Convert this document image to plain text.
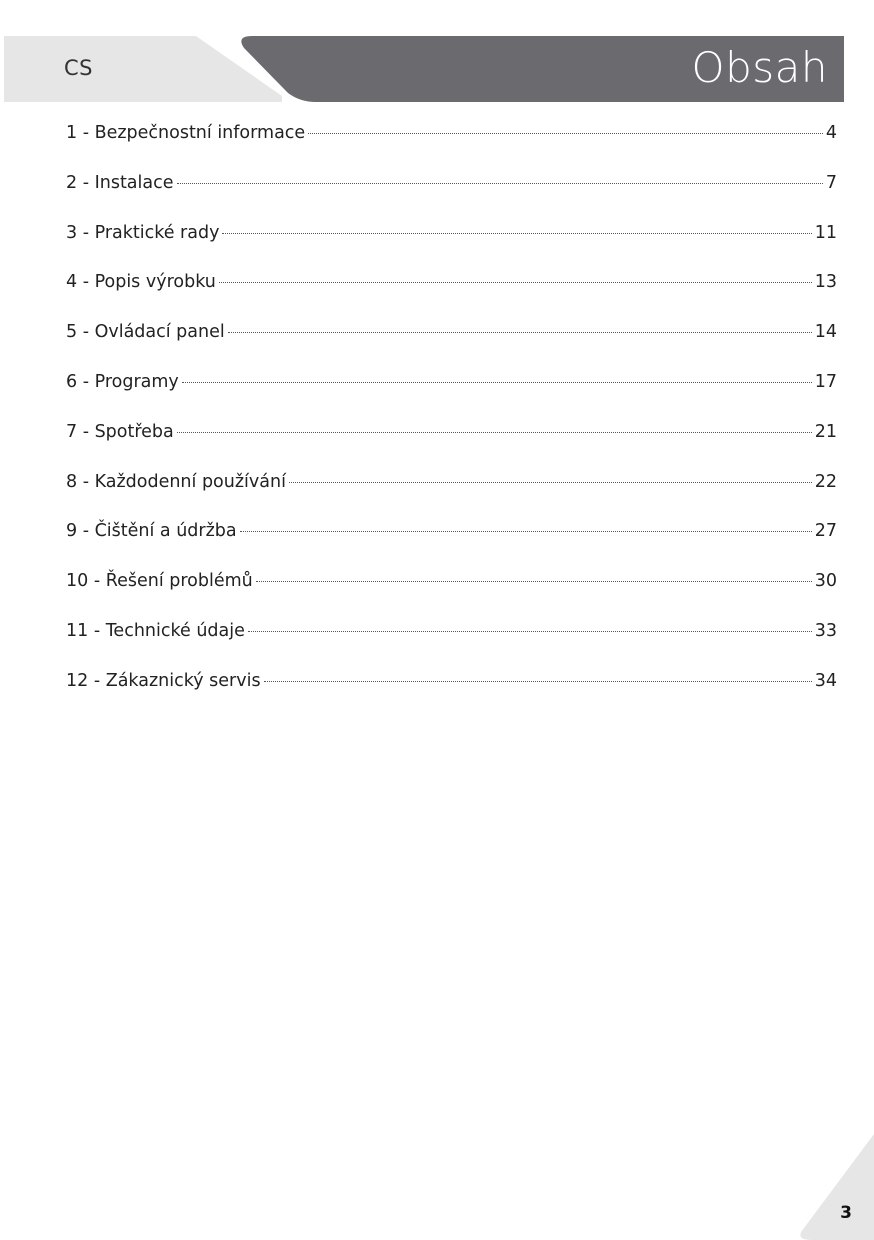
CS	Obsah
1 - Bezpečnostní informace	4
2 - Instalace	7
3 - Praktické rady	11
4 - Popis výrobku	13
5 - Ovládací panel	14
6 - Programy	17
7 - Spotřeba	21
8 - Každodenní používání	22
9 - Čištění a údržba	27
10 - Řešení problémů	30
11 - Technické údaje	33
12 - Zákaznický servis	34
3
